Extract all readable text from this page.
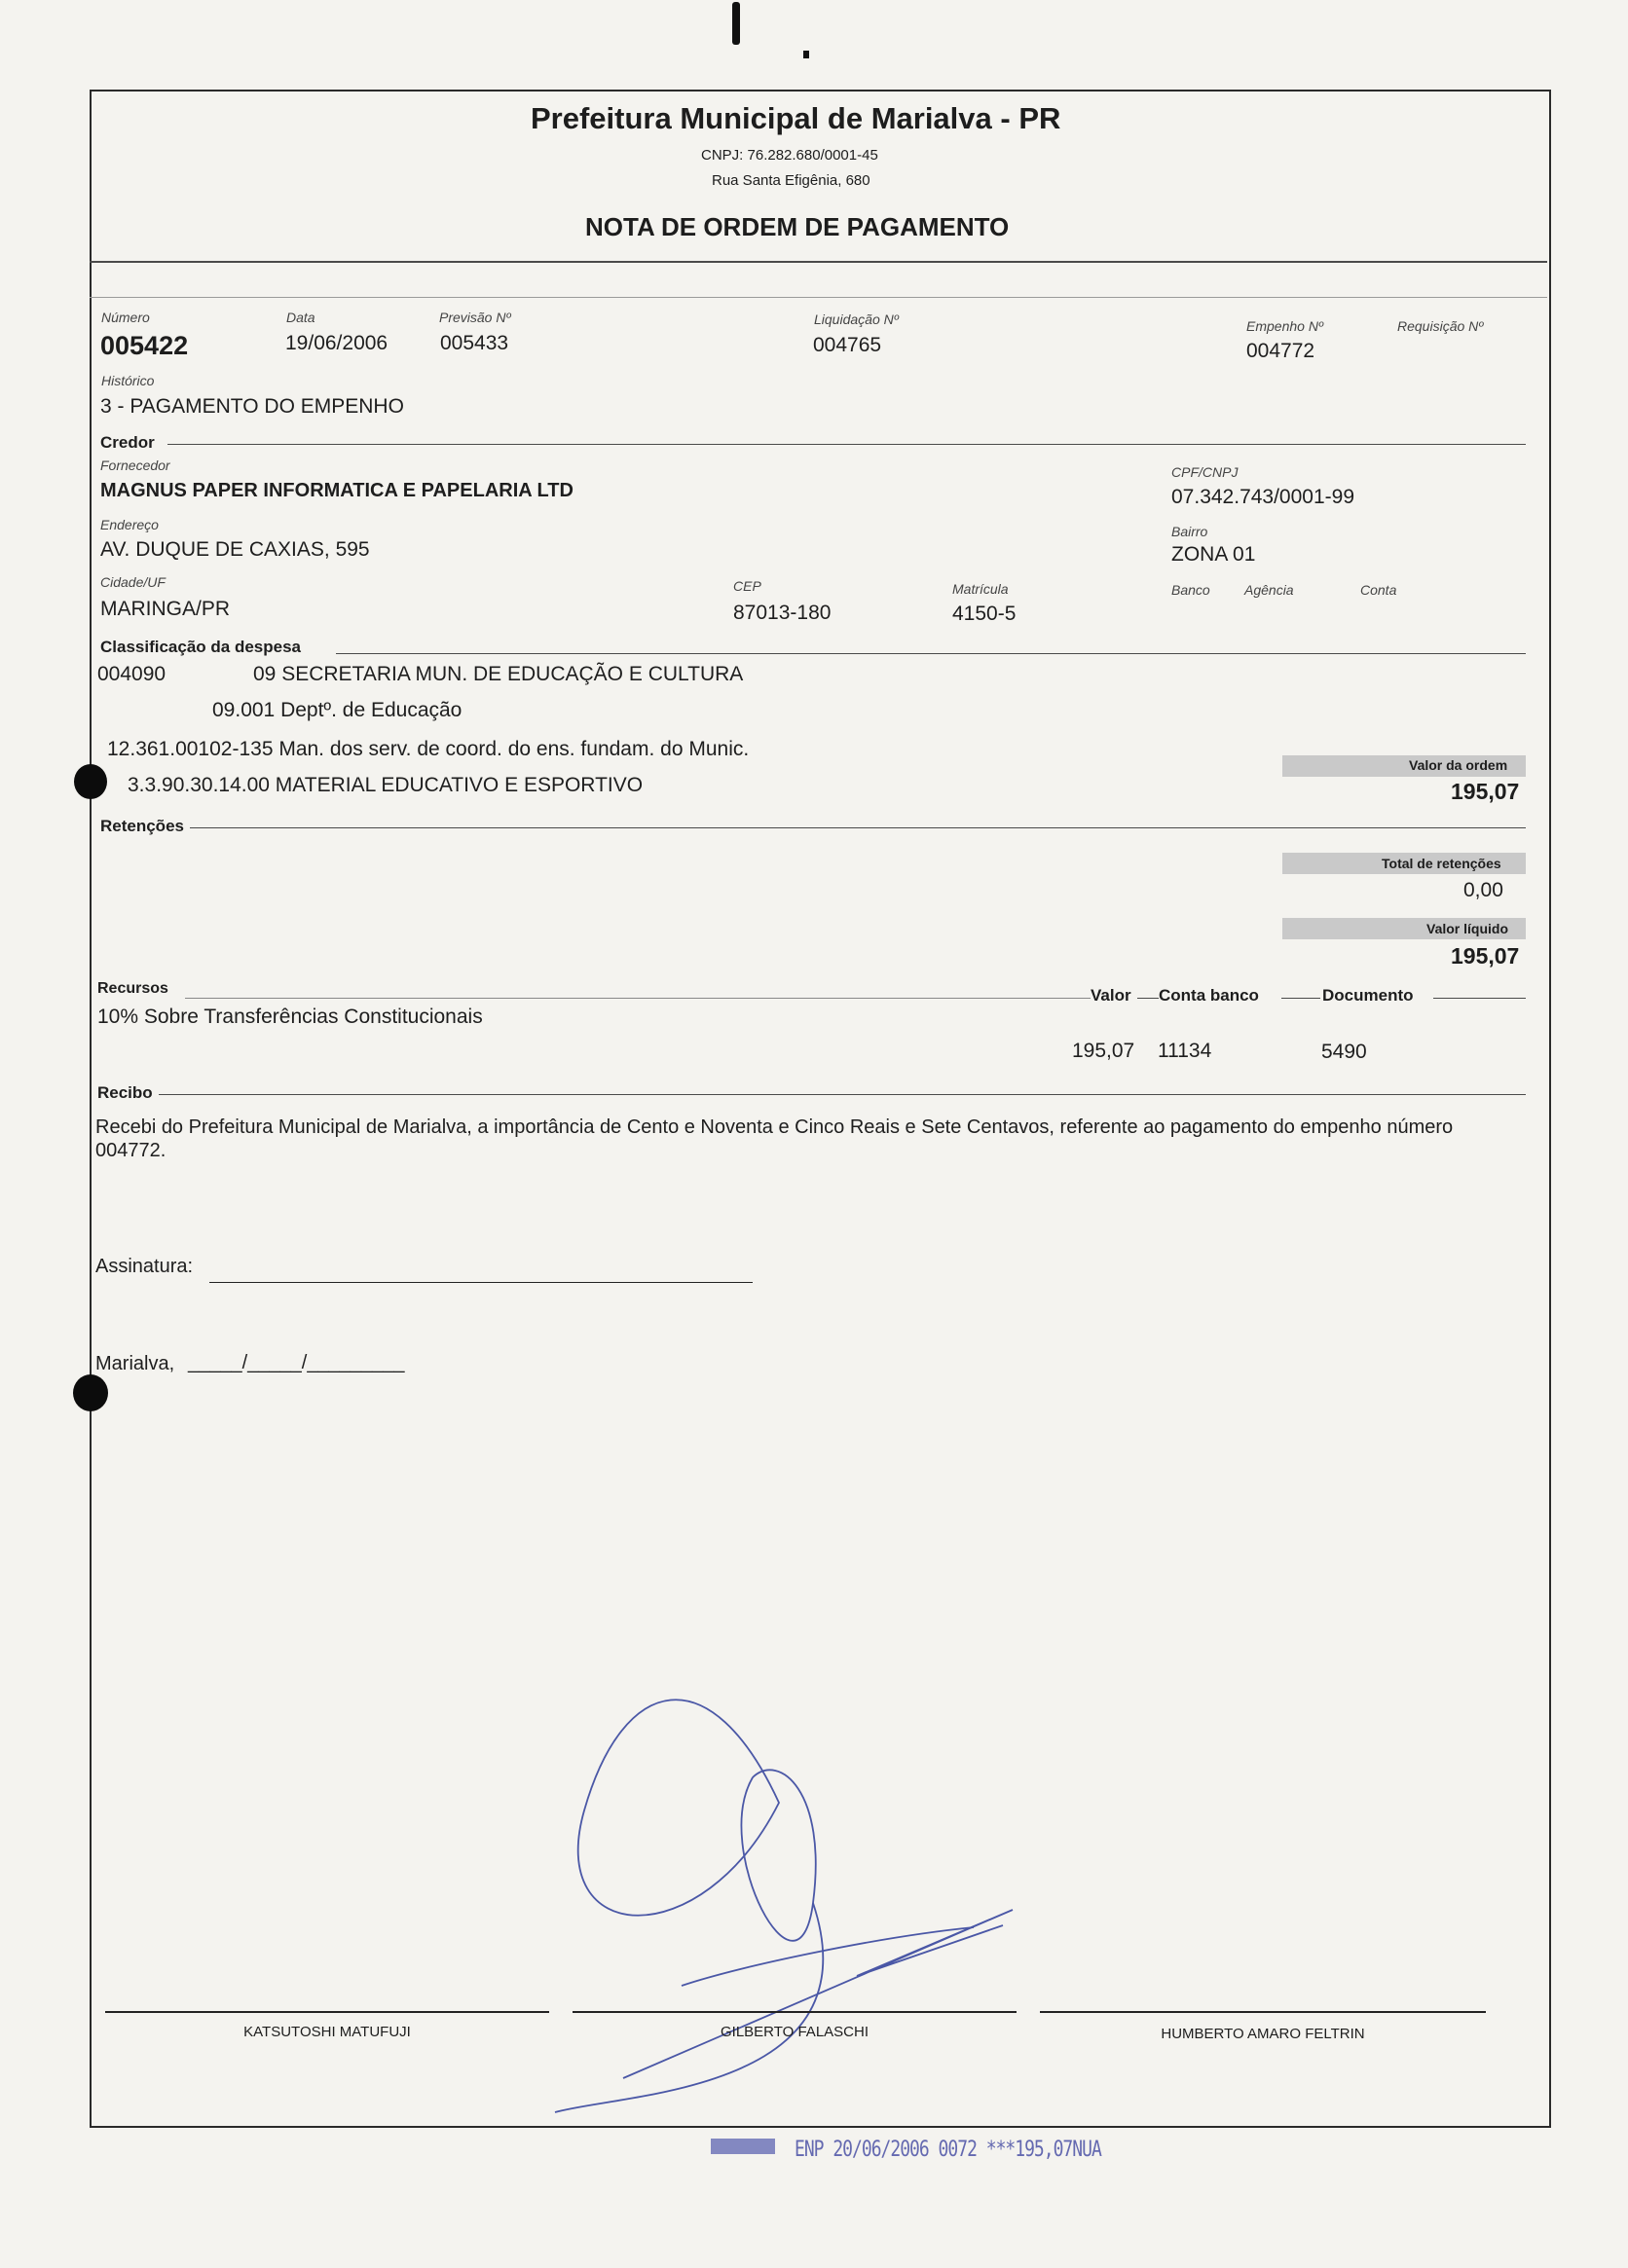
Prefeitura Municipal de Marialva - PR
CNPJ: 76.282.680/0001-45
Rua Santa Efigênia, 680
NOTA DE ORDEM DE PAGAMENTO
Número
005422
Data
19/06/2006
Previsão Nº
005433
Liquidação Nº
004765
Empenho Nº
004772
Requisição Nº
Histórico
3 - PAGAMENTO DO EMPENHO
Credor
Fornecedor
MAGNUS PAPER INFORMATICA E PAPELARIA LTD
CPF/CNPJ
07.342.743/0001-99
Endereço
AV. DUQUE DE CAXIAS, 595
Bairro
ZONA 01
Cidade/UF
MARINGA/PR
CEP
87013-180
Matrícula
4150-5
Banco	Agência	Conta
Classificação da despesa
004090	09 SECRETARIA MUN. DE EDUCAÇÃO E CULTURA
09.001 Deptº. de Educação
12.361.00102-135 Man. dos serv. de coord. do ens. fundam. do Munic.
3.3.90.30.14.00 MATERIAL EDUCATIVO E ESPORTIVO
Valor da ordem
195,07
Retenções
Total de retenções
0,00
Valor líquido
195,07
Recursos	Valor Conta banco	Documento
10% Sobre Transferências Constitucionais
195,07 11134	5490
Recibo
Recebi do Prefeitura Municipal de Marialva, a importância de Cento e Noventa e Cinco Reais e Sete Centavos, referente ao pagamento do empenho número 004772.
Assinatura:
Marialva, _____/_____/_________
KATSUTOSHI MATUFUJI	GILBERTO FALASCHI	HUMBERTO AMARO FELTRIN
ENP 20/06/2006 0072 ***195,07NUA
